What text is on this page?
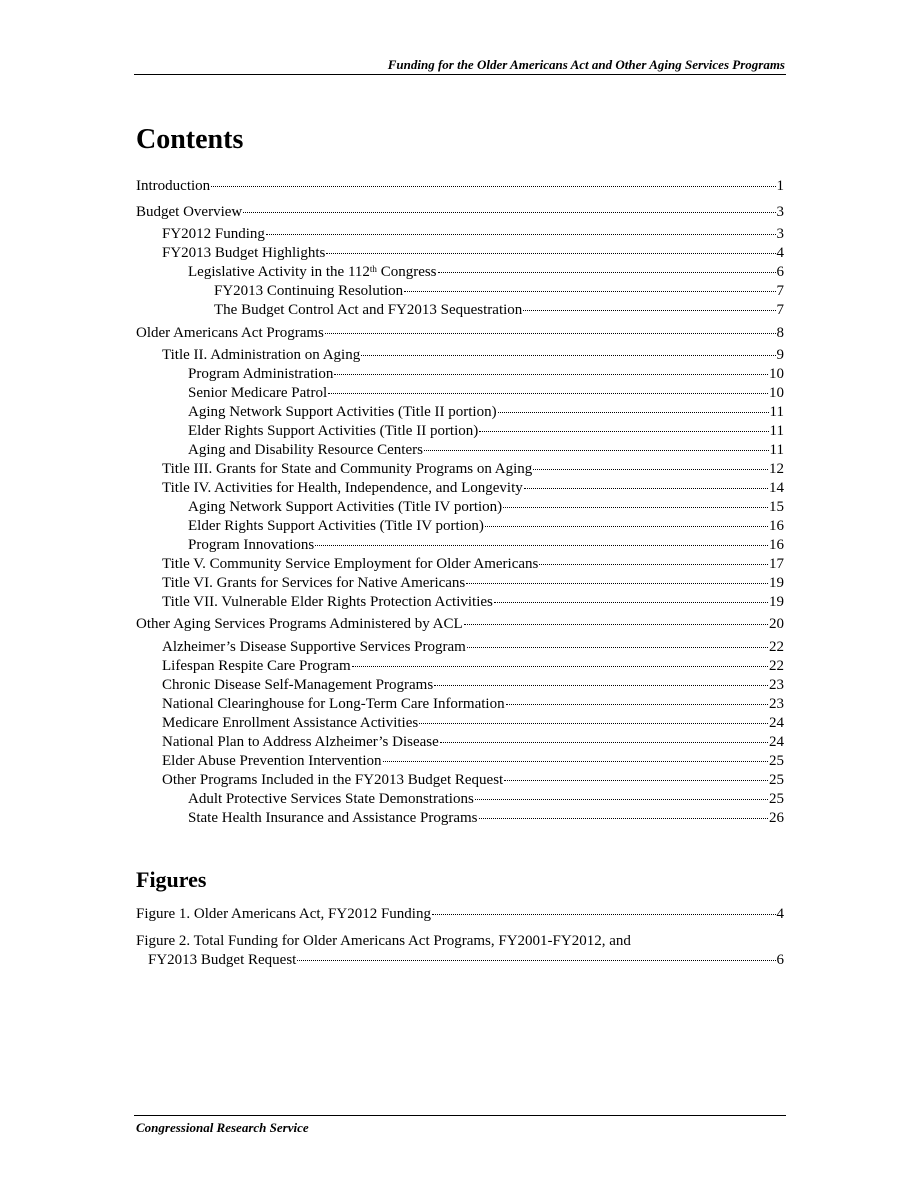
Funding for the Older Americans Act and Other Aging Services Programs
Contents
Introduction	1
Budget Overview	3
FY2012 Funding	3
FY2013 Budget Highlights	4
Legislative Activity in the 112th Congress	6
FY2013 Continuing Resolution	7
The Budget Control Act and FY2013 Sequestration	7
Older Americans Act Programs	8
Title II. Administration on Aging	9
Program Administration	10
Senior Medicare Patrol	10
Aging Network Support Activities (Title II portion)	11
Elder Rights Support Activities (Title II portion)	11
Aging and Disability Resource Centers	11
Title III. Grants for State and Community Programs on Aging	12
Title IV. Activities for Health, Independence, and Longevity	14
Aging Network Support Activities (Title IV portion)	15
Elder Rights Support Activities (Title IV portion)	16
Program Innovations	16
Title V. Community Service Employment for Older Americans	17
Title VI. Grants for Services for Native Americans	19
Title VII. Vulnerable Elder Rights Protection Activities	19
Other Aging Services Programs Administered by ACL	20
Alzheimer’s Disease Supportive Services Program	22
Lifespan Respite Care Program	22
Chronic Disease Self-Management Programs	23
National Clearinghouse for Long-Term Care Information	23
Medicare Enrollment Assistance Activities	24
National Plan to Address Alzheimer’s Disease	24
Elder Abuse Prevention Intervention	25
Other Programs Included in the FY2013 Budget Request	25
Adult Protective Services State Demonstrations	25
State Health Insurance and Assistance Programs	26
Figures
Figure 1. Older Americans Act, FY2012 Funding	4
Figure 2. Total Funding for Older Americans Act Programs, FY2001-FY2012, and
FY2013 Budget Request	6
Congressional Research Service
